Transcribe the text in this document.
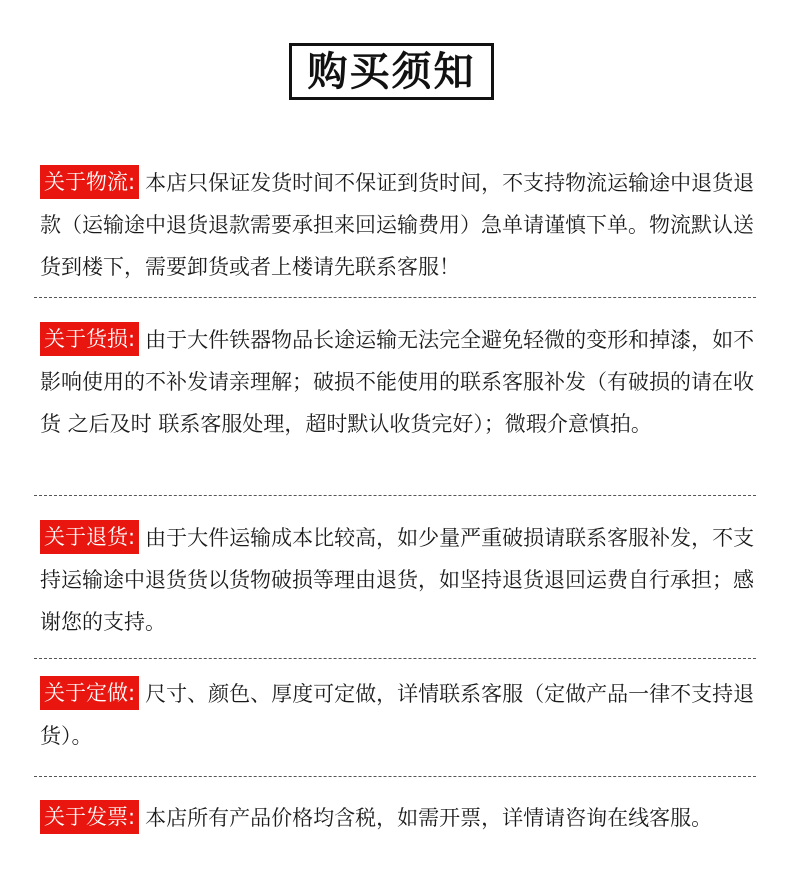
购买须知
关于物流: 本店只保证发货时间不保证到货时间，不支持物流运输途中退货退款（运输途中退货退款需要承担来回运输费用）急单请谨慎下单。物流默认送货到楼下，需要卸货或者上楼请先联系客服！
关于货损: 由于大件铁器物品长途运输无法完全避免轻微的变形和掉漆，如不影响使用的不补发请亲理解；破损不能使用的联系客服补发（有破损的请在收货 之后及时 联系客服处理，超时默认收货完好）；微瑕介意慎拍。
关于退货: 由于大件运输成本比较高，如少量严重破损请联系客服补发，不支持运输途中退货货以货物破损等理由退货，如坚持退货退回运费自行承担；感谢您的支持。
关于定做: 尺寸、颜色、厚度可定做，详情联系客服（定做产品一律不支持退货）。
关于发票: 本店所有产品价格均含税，如需开票，详情请咨询在线客服。
